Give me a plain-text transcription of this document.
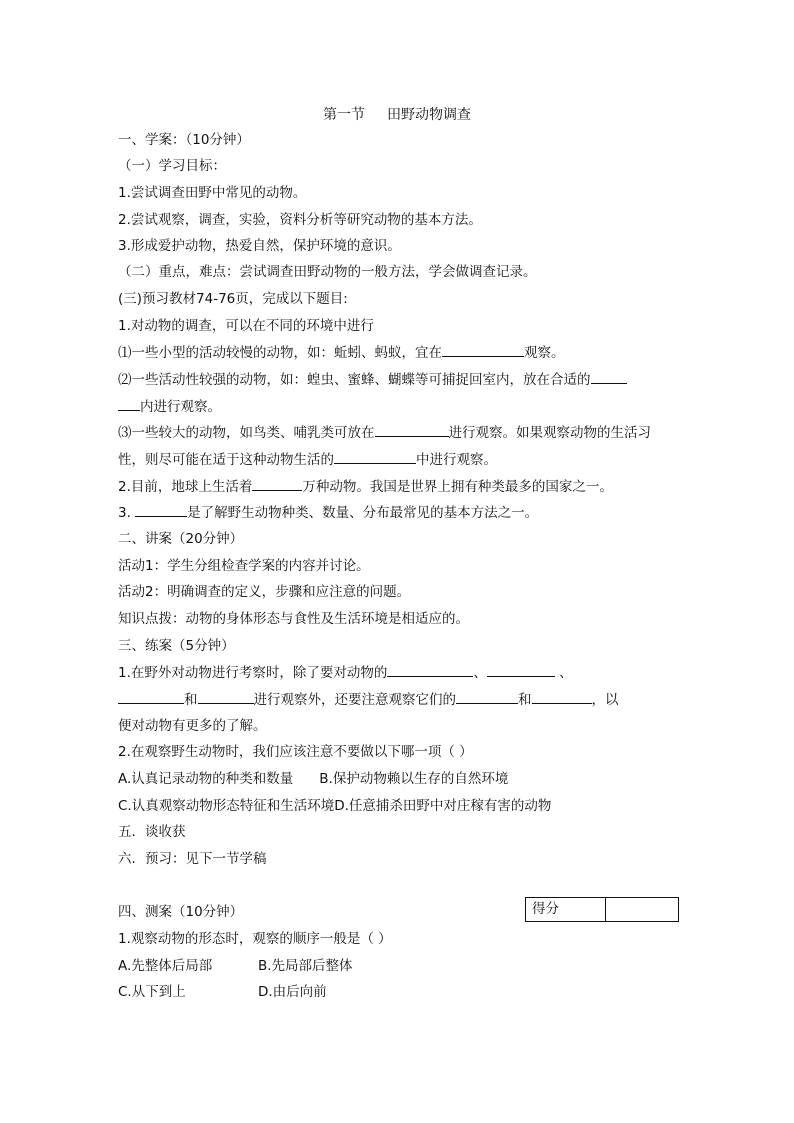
第一节 田野动物调查
一、学案：（10分钟）
（一）学习目标：
1.尝试调查田野中常见的动物。
2.尝试观察，调查，实验，资料分析等研究动物的基本方法。
3.形成爱护动物，热爱自然，保护环境的意识。
（二）重点，难点：尝试调查田野动物的一般方法，学会做调查记录。
(三)预习教材74-76页，完成以下题目:
1.对动物的调查，可以在不同的环境中进行
⑴一些小型的活动较慢的动物，如：蚯蚓、蚂蚁，宜在	观察。
⑵一些活动性较强的动物，如：蝗虫、蜜蜂、蝴蝶等可捕捉回室内，放在合适的
内进行观察。
⑶一些较大的动物，如鸟类、哺乳类可放在	进行观察。如果观察动物的生活习
性，则尽可能在适于这种动物生活的	中进行观察。
2.目前，地球上生活着	万种动物。我国是世界上拥有种类最多的国家之一。
3.	是了解野生动物种类、数量、分布最常见的基本方法之一。
二、讲案（20分钟）
活动1：学生分组检查学案的内容并讨论。
活动2：明确调查的定义，步骤和应注意的问题。
知识点拨：动物的身体形态与食性及生活环境是相适应的。
三、练案（5分钟）
1.在野外对动物进行考察时，除了要对动物的	、	、
和	进行观察外，还要注意观察它们的	和	，以
便对动物有更多的了解。
2.在观察野生动物时，我们应该注意不要做以下哪一项（ ）
A.认真记录动物的种类和数量 B.保护动物赖以生存的自然环境
C.认真观察动物形态特征和生活环境D.任意捕杀田野中对庄稼有害的动物
五．谈收获
六．预习：见下一节学稿
四、测案（10分钟）	得分
1.观察动物的形态时，观察的顺序一般是（ ）
A.先整体后局部	B.先局部后整体
C.从下到上	D.由后向前
